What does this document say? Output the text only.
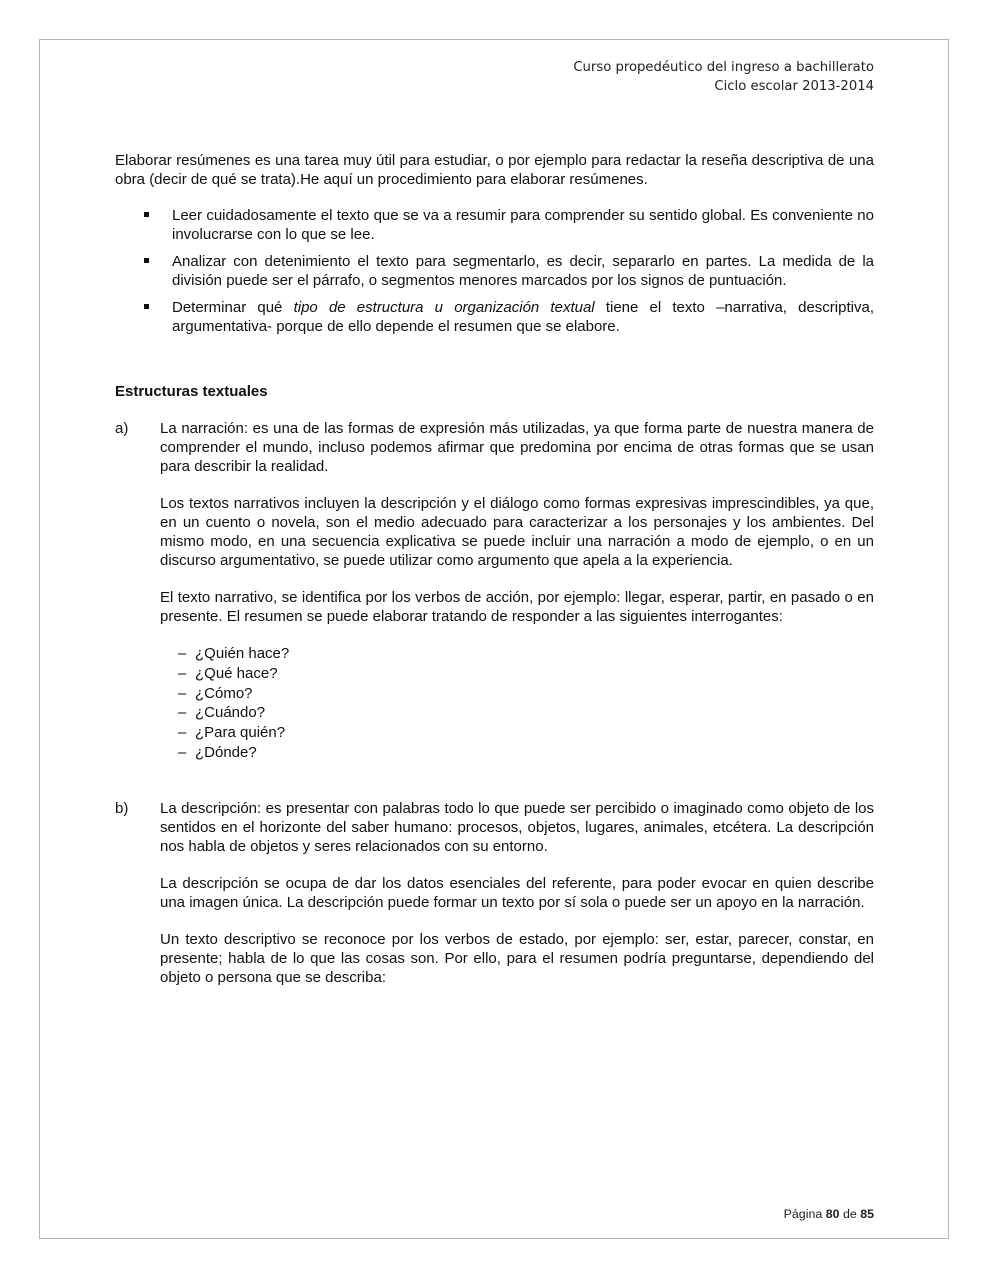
Curso propedéutico del ingreso a bachillerato
Ciclo escolar 2013-2014

Elaborar resúmenes es una tarea muy útil para estudiar, o por ejemplo para redactar la reseña descriptiva de una obra (decir de qué se trata).He aquí un procedimiento para elaborar resúmenes.

Leer cuidadosamente el texto que se va a resumir para comprender su sentido global. Es conveniente no involucrarse con lo que se lee.
Analizar con detenimiento el texto para segmentarlo, es decir, separarlo en partes. La medida de la división puede ser el párrafo, o segmentos menores marcados por los signos de puntuación.
Determinar qué tipo de estructura u organización textual tiene el texto –narrativa, descriptiva, argumentativa- porque de ello depende el resumen que se elabore.
Estructuras textuales
a) La narración: es una de las formas de expresión más utilizadas, ya que forma parte de nuestra manera de comprender el mundo, incluso podemos afirmar que predomina por encima de otras formas que se usan para describir la realidad.

Los textos narrativos incluyen la descripción y el diálogo como formas expresivas imprescindibles, ya que, en un cuento o novela, son el medio adecuado para caracterizar a los personajes y los ambientes. Del mismo modo, en una secuencia explicativa se puede incluir una narración a modo de ejemplo, o en un discurso argumentativo, se puede utilizar como argumento que apela a la experiencia.

El texto narrativo, se identifica por los verbos de acción, por ejemplo: llegar, esperar, partir, en pasado o en presente. El resumen se puede elaborar tratando de responder a las siguientes interrogantes:

– ¿Quién hace?
– ¿Qué hace?
– ¿Cómo?
– ¿Cuándo?
– ¿Para quién?
– ¿Dónde?
b) La descripción: es presentar con palabras todo lo que puede ser percibido o imaginado como objeto de los sentidos en el horizonte del saber humano: procesos, objetos, lugares, animales, etcétera. La descripción nos habla de objetos y seres relacionados con su entorno.

La descripción se ocupa de dar los datos esenciales del referente, para poder evocar en quien describe una imagen única. La descripción puede formar un texto por sí sola o puede ser un apoyo en la narración.

Un texto descriptivo se reconoce por los verbos de estado, por ejemplo: ser, estar, parecer, constar, en presente; habla de lo que las cosas son. Por ello, para el resumen podría preguntarse, dependiendo del objeto o persona que se describa:

Página 80 de 85
